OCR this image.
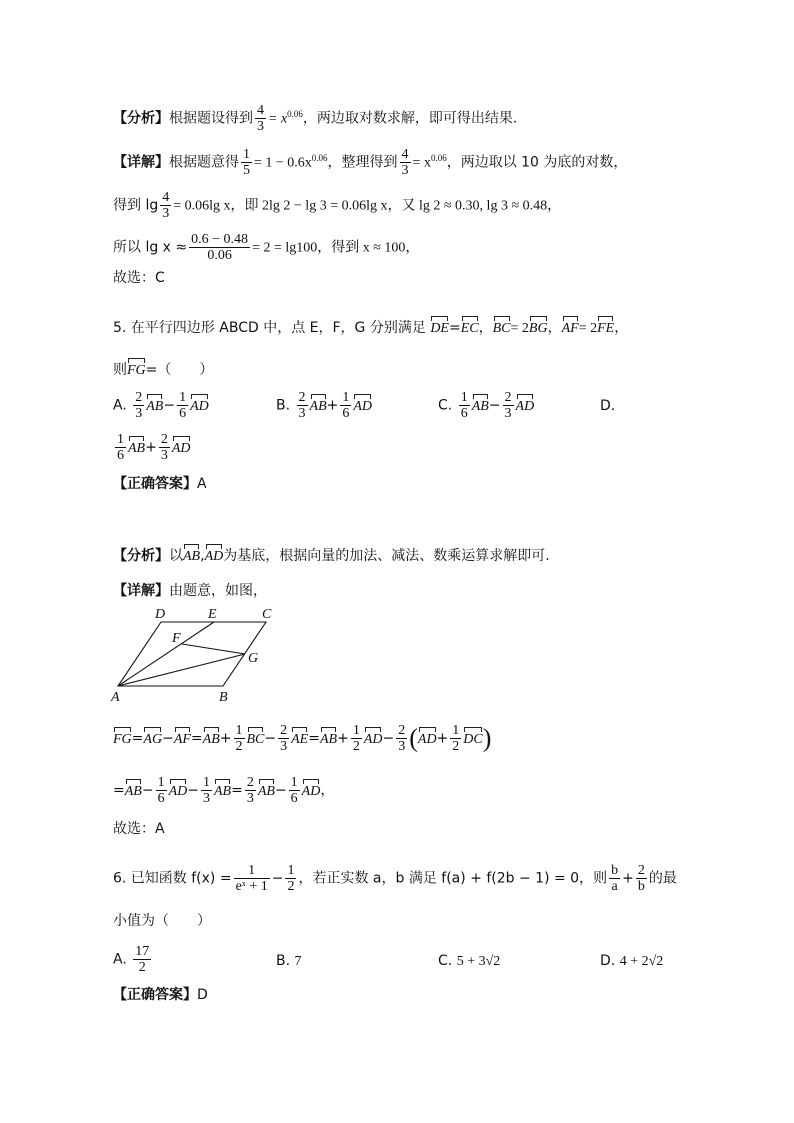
【分析】根据题设得到 $\frac{4}{3} = x^{0.06}$，两边取对数求解，即可得出结果.
【详解】根据题意得 $\frac{1}{5} = 1 - 0.6x^{0.06}$，整理得到 $\frac{4}{3} = x^{0.06}$，两边取以 10 为底的对数，
得到 $\lg \frac{4}{3} = 0.06\lg$ x，即 2lg 2 − lg 3 = 0.06lg x，又 lg 2 ≈ 0.30, lg 3 ≈ 0.48，
所以 $\lg x \approx \frac{0.6 - 0.48}{0.06} = 2 = \lg 100$，得到 x ≈ 100，
故选：C
5. 在平行四边形 ABCD 中，点 E，F，G 分别满足 DE=EC，BC= 2BG，AF= 2FE，
则FG=（　　）
A. $\frac{2}{3} AB- \frac{1}{6}$ AD	B. $\frac{2}{3} AB+ \frac{1}{6}$ AD	C. $\frac{1}{6} AB- \frac{2}{3}$ AD	D.
$\frac{1}{6} AB+ \frac{2}{3}$ AD
【正确答案】A
【分析】以AB,AD为基底，根据向量的加法、减法、数乘运算求解即可.
【详解】由题意，如图，
D	E	C
F
G
A	B
$FG=AG-AF=AB+ \frac{1}{2} BC- \frac{2}{3} AE=AB+ \frac{1}{2} AD- \frac{2}{3} (AD+ \frac{1}{2} DC)$
$=AB- \frac{1}{6} AD- \frac{1}{3} AB= \frac{2}{3} AB- \frac{1}{6}$ AD，
故选：A
6. 已知函数 $f(x) = \frac{1}{\text{eˣ + 1}} - \frac{1}{2}$ ，若正实数 a，b 满足 f(a) + f(2b − 1) = 0，则 $\frac{b}{a} + \frac{2}{b}$ 的最
小值为（　　）
A. $\frac{17}{2}$	B. 7	C. 5 + 3√2	D. 4 + 2√2
【正确答案】D
